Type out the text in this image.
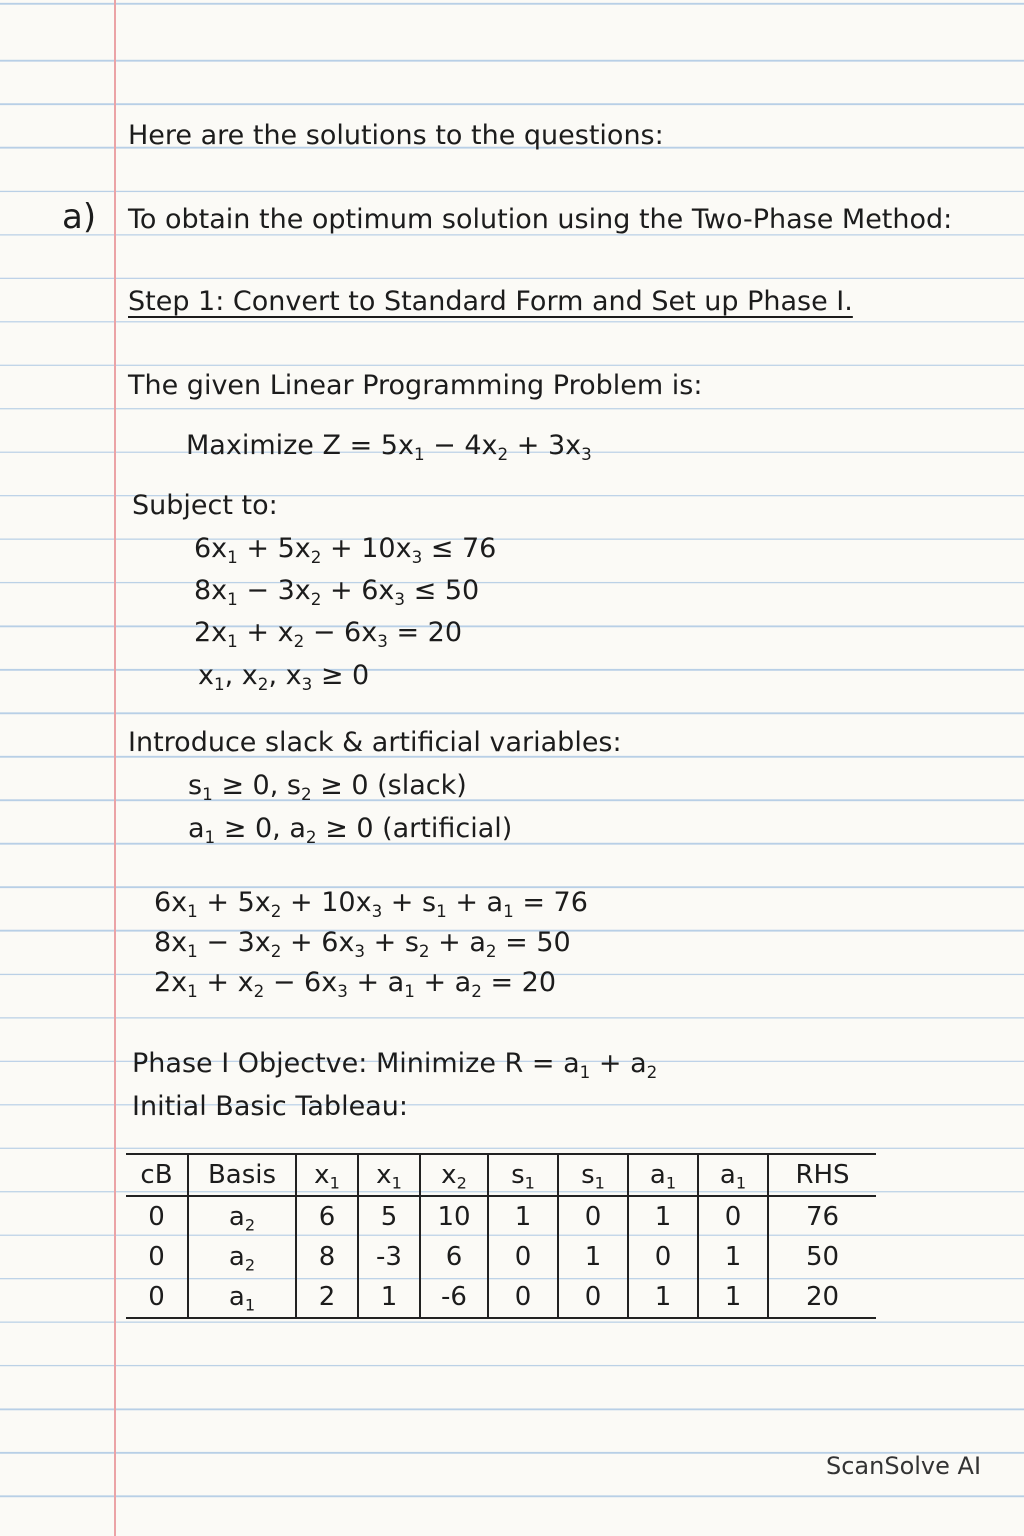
Here are the solutions to the questions:
a) To obtain the optimum solution using the Two-Phase Method:
Step 1: Convert to Standard Form and Set up Phase I.
The given Linear Programming Problem is:
Maximize $Z = 5x_1 - 4x_2 + 3x_3$
Subject to:
$6x_1 + 5x_2 + 10x_3 \le 76$
$8x_1 - 3x_2 + 6x_3 \le 50$
$2x_1 + x_2 - 6x_3 = 20$
$x_1$, $x_2$, $x_3 \ge 0$
Introduce slack & artificial variables:
$s_1 \ge 0$, $s_2 \ge 0$ (slack)
$a_1 \ge 0$, $a_2 \ge 0$ (artificial)
$6x_1 + 5x_2 + 10x_3 + s_1 + a_1 = 76$
$8x_1 - 3x_2 + 6x_3 + s_2 + a_2 = 50$
$2x_1 + x_2 - 6x_3 + a_1 + a_2 = 20$
Phase I Objectve: Minimize $R = a_1 + a_2$
Initial Basic Tableau:
cB	Basis	$x_1$	$x_1$	$x_2$	$s_1$	$s_1$	$a_1$	$a_1$	RHS
0	$a_2$	6	5	10	1	0	1	0	76
0	$a_2$	8	-3	6	0	1	0	1	50
0	$a_1$	2	1	-6	0	0	1	1	20
ScanSolve AI
